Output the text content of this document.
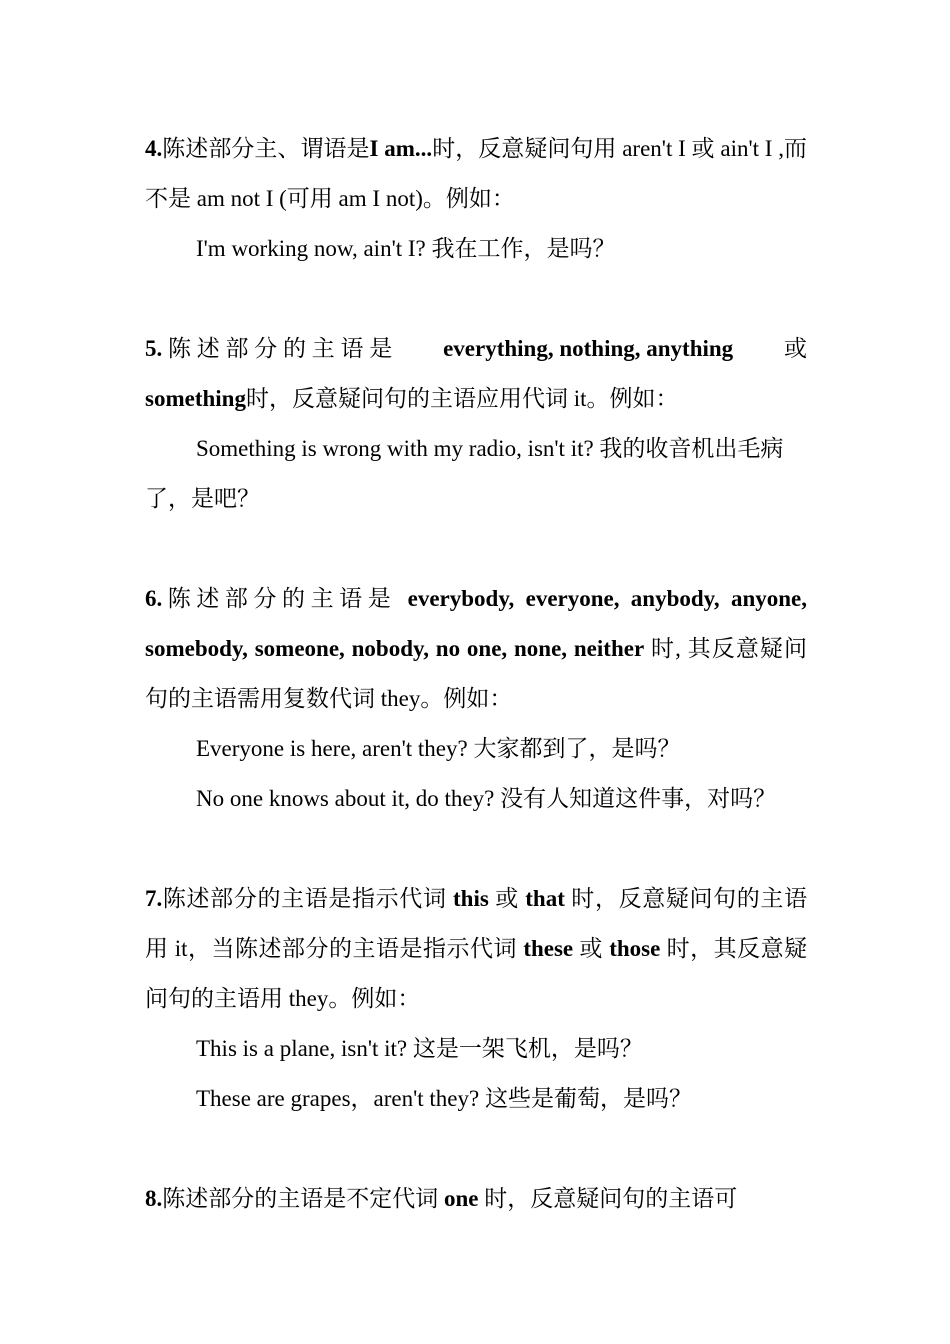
4.陈述部分主、谓语是I am...时，反意疑问句用 aren't I 或 ain't I ,而不是 am not I (可用 am I not)。例如：

I'm working now, ain't I? 我在工作，是吗？

5. 陈 述 部 分 的 主 语 是 everything, nothing, anything 或
something时，反意疑问句的主语应用代词 it。例如：

Something is wrong with my radio, isn't it? 我的收音机出毛病了，是吧？

6.陈述部分的主语是 everybody, everyone, anybody, anyone, somebody, someone, nobody, no one, none, neither 时, 其反意疑问句的主语需用复数代词 they。例如：

Everyone is here, aren't they? 大家都到了，是吗？

No one knows about it, do they? 没有人知道这件事，对吗？

7.陈述部分的主语是指示代词 this 或 that 时，反意疑问句的主语用 it，当陈述部分的主语是指示代词 these 或 those 时，其反意疑问句的主语用 they。例如：

This is a plane, isn't it? 这是一架飞机，是吗？

These are grapes，aren't they? 这些是葡萄，是吗？

8.陈述部分的主语是不定代词 one 时，反意疑问句的主语可
